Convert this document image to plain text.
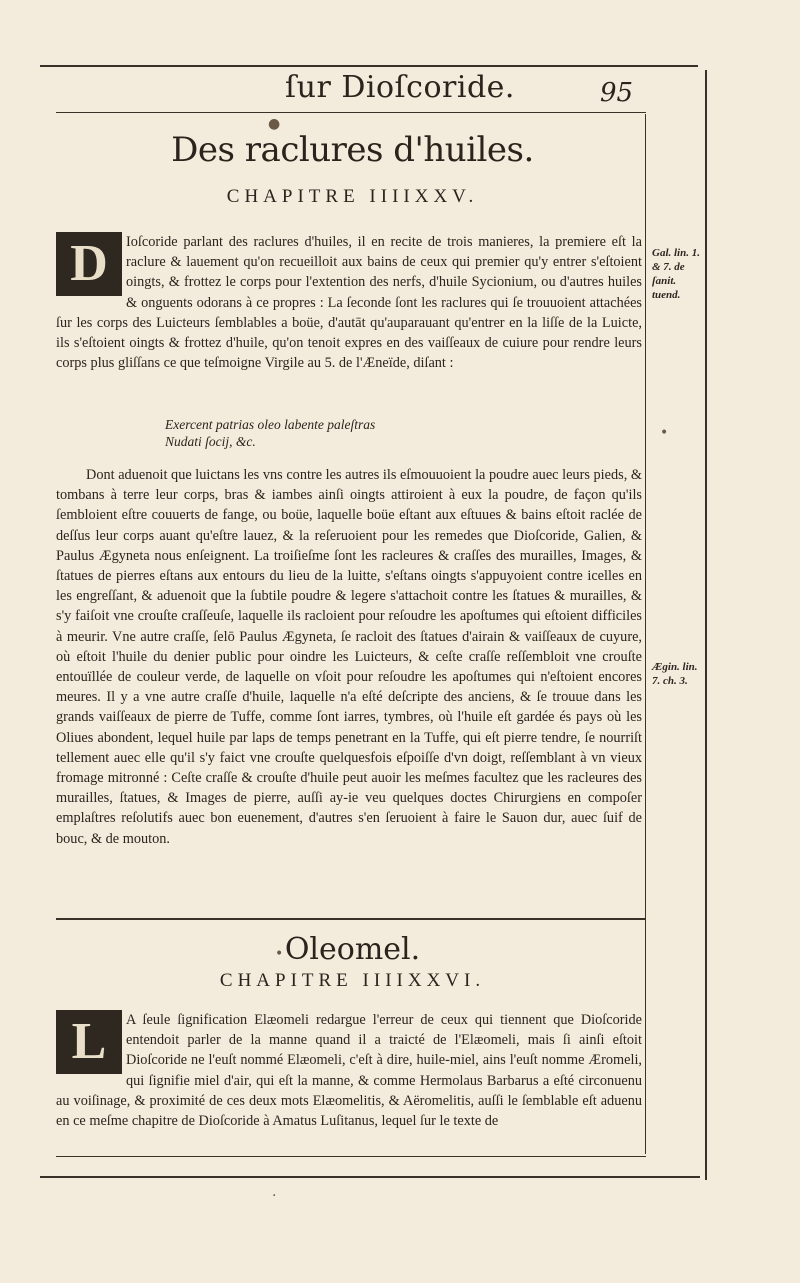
ſur Dioſcoride.	95
●
Des raclures d'huiles.
CHAPITRE IIIIXXV.

D	Ioſcoride parlant des raclures d'huiles, il en recite de trois manieres, la premiere eſt la raclure & lauement qu'on recueilloit aux bains de ceux qui premier qu'y entrer s'eſtoient oingts, & frottez le corps pour l'extention des nerfs, d'huile Sycionium, ou d'autres huiles & onguents odorans à ce propres : La ſeconde ſont les raclures qui ſe trouuoient attachées ſur les corps des Luicteurs ſemblables a boüe, d'autāt qu'auparauant qu'entrer en la liſſe de la Luicte, ils s'eſtoient oingts & frottez d'huile, qu'on tenoit expres en des vaiſſeaux de cuiure pour rendre leurs corps plus gliſſans ce que teſmoigne Virgile au 5. de l'Æneïde, diſant :

Exercent patrias oleo labente paleſtras
Nudati ſocij, &c.

Dont aduenoit que luictans les vns contre les autres ils eſmouuoient la poudre auec leurs pieds, & tombans à terre leur corps, bras & iambes ainſi oingts attiroient à eux la poudre, de façon qu'ils ſembloient eſtre couuerts de fange, ou boüe, laquelle boüe eſtant aux eſtuues & bains eſtoit raclée de deſſus leur corps auant qu'eſtre lauez, & la reſeruoient pour les remedes que Dioſcoride, Galien, & Paulus Ægyneta nous enſeignent. La troiſieſme ſont les racleures & craſſes des murailles, Images, & ſtatues de pierres eſtans aux entours du lieu de la luitte, s'eſtans oingts s'appuyoient contre icelles en les engreſſant, & aduenoit que la ſubtile poudre & legere s'attachoit contre les ſtatues & murailles, & s'y faiſoit vne crouſte craſſeuſe, laquelle ils racloient pour reſoudre les apoſtumes qui eſtoient difficiles à meurir. Vne autre craſſe, ſelō Paulus Ægyneta, ſe racloit des ſtatues d'airain & vaiſſeaux de cuyure, où eſtoit l'huile du denier public pour oindre les Luicteurs, & ceſte craſſe reſſembloit vne crouſte entouïllée de couleur verde, de laquelle on vſoit pour reſoudre les apoſtumes qui n'eſtoient encores meures. Il y a vne autre craſſe d'huile, laquelle n'a eſté deſcripte des anciens, & ſe trouue dans les grands vaiſſeaux de pierre de Tuffe, comme ſont iarres, tymbres, où l'huile eſt gardée és pays où les Oliues abondent, lequel huile par laps de temps penetrant en la Tuffe, qui eſt pierre tendre, ſe nourriſt tellement auec elle qu'il s'y faict vne crouſte quelquesfois eſpoiſſe d'vn doigt, reſſemblant à vn vieux fromage mitronné : Ceſte craſſe & crouſte d'huile peut auoir les meſmes facultez que les racleures des murailles, ſtatues, & Images de pierre, auſſi ay-ie veu quelques doctes Chirurgiens en compoſer emplaſtres reſolutifs auec bon euenement, d'autres s'en ſeruoient à faire le Sauon dur, auec ſuif de bouc, & de mouton.

Oleomel.
CHAPITRE IIIIXXVI.

L	A ſeule ſignification Elæomeli redargue l'erreur de ceux qui tiennent que Dioſcoride entendoit parler de la manne quand il a traicté de l'Elæomeli, mais ſi ainſi eſtoit Dioſcoride ne l'euſt nommé Elæomeli, c'eſt à dire, huile-miel, ains l'euſt nomme Æromeli, qui ſignifie miel d'air, qui eſt la manne, & comme Hermolaus Barbarus a eſté circonuenu au voiſinage, & proximité de ces deux mots Elæomelitis, & Aëromelitis, auſſi le ſemblable eſt aduenu en ce meſme chapitre de Dioſcoride à Amatus Luſitanus, lequel ſur le texte de

Gal. lin. 1. & 7. de ſanit. tuend.
Ægin. lin. 7. ch. 3.
·
•
•
